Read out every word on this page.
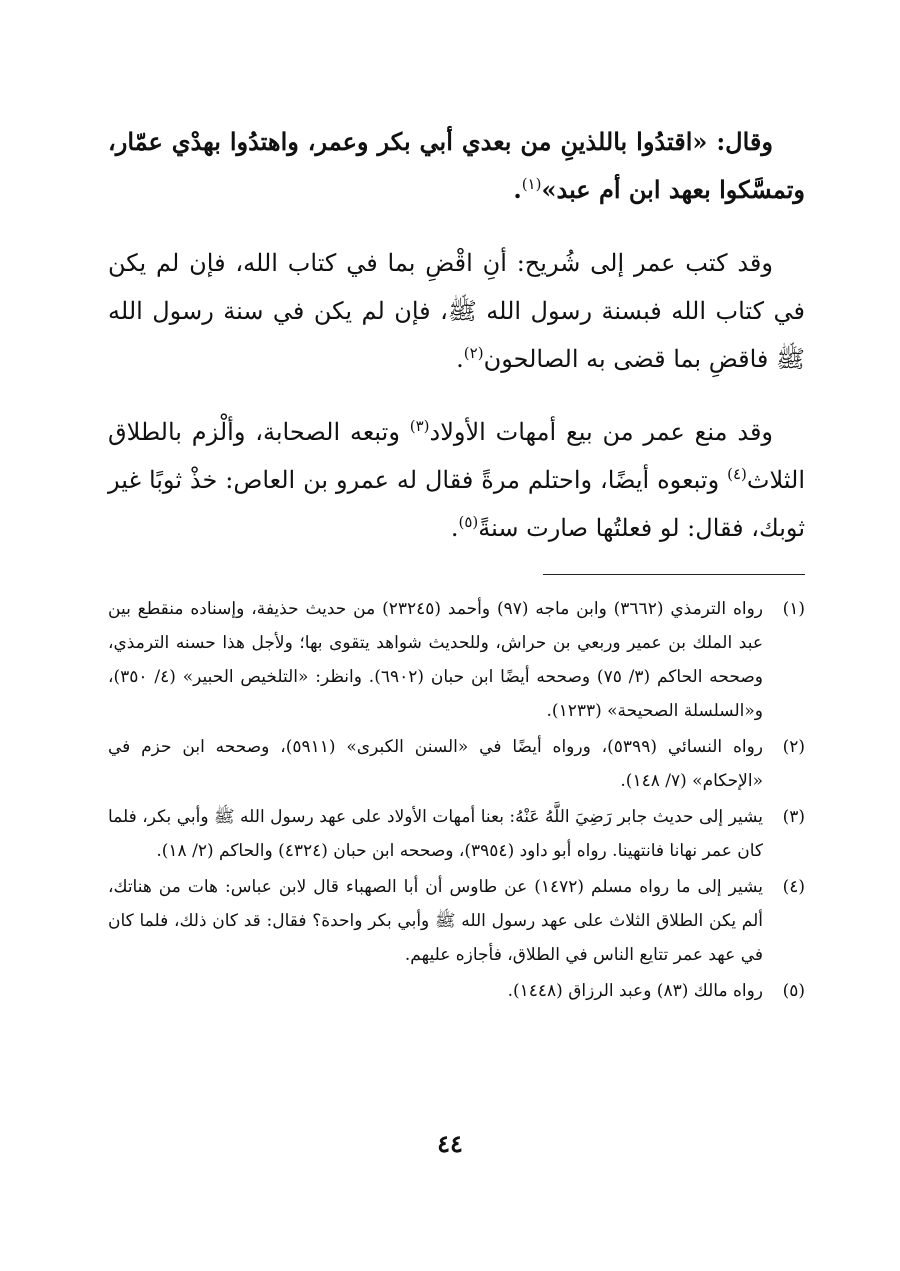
وقال: «اقتدُوا باللذينِ من بعدي أبي بكر وعمر، واهتدُوا بهدْي عمّار، وتمسَّكوا بعهد ابن أم عبد»$^{(١)}$.

وقد كتب عمر إلى شُريح: أنِ اقْضِ بما في كتاب الله، فإن لم يكن في كتاب الله فبسنة رسول الله ﷺ، فإن لم يكن في سنة رسول الله ﷺ فاقضِ بما قضى به الصالحون$^{(٢)}$.

وقد منع عمر من بيع أمهات الأولاد$^{(٣)}$ وتبعه الصحابة، وألْزم بالطلاق الثلاث$^{(٤)}$ وتبعوه أيضًا، واحتلم مرةً فقال له عمرو بن العاص: خذْ ثوبًا غير ثوبك، فقال: لو فعلتُها صارت سنةً$^{(٥)}$.

(١)
رواه الترمذي (٣٦٦٢) وابن ماجه (٩٧) وأحمد (٢٣٢٤٥) من حديث حذيفة، وإسناده منقطع بين عبد الملك بن عمير وربعي بن حراش، وللحديث شواهد يتقوى بها؛ ولأجل هذا حسنه الترمذي، وصححه الحاكم (٣/ ٧٥) وصححه أيضًا ابن حبان (٦٩٠٢). وانظر: «التلخيص الحبير» (٤/ ٣٥٠)، و«السلسلة الصحيحة» (١٢٣٣).
(٢)
رواه النسائي (٥٣٩٩)، ورواه أيضًا في «السنن الكبرى» (٥٩١١)، وصححه ابن حزم في «الإحكام» (٧/ ١٤٨).
(٣)
يشير إلى حديث جابر رَضِيَ اللَّهُ عَنْهُ: بعنا أمهات الأولاد على عهد رسول الله ﷺ وأبي بكر، فلما كان عمر نهانا فانتهينا. رواه أبو داود (٣٩٥٤)، وصححه ابن حبان (٤٣٢٤) والحاكم (٢/ ١٨).
(٤)
يشير إلى ما رواه مسلم (١٤٧٢) عن طاوس أن أبا الصهباء قال لابن عباس: هات من هناتك، ألم يكن الطلاق الثلاث على عهد رسول الله ﷺ وأبي بكر واحدة؟ فقال: قد كان ذلك، فلما كان في عهد عمر تتايع الناس في الطلاق، فأجازه عليهم.
(٥)
رواه مالك (٨٣) وعبد الرزاق (١٤٤٨).
٤٤
